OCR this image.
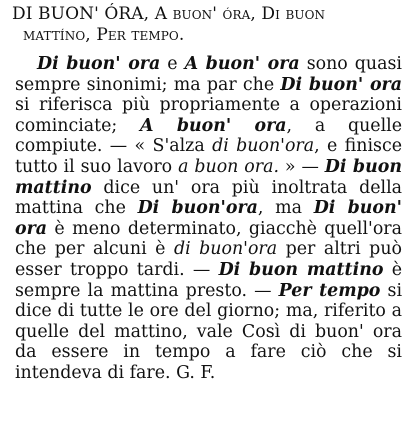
DI BUON' ÓRA, A buon' óra, Di buon
mattíno, Per tempo.
Di buon' ora e A buon' ora sono quasi sempre sinonimi; ma par che Di buon' ora si riferisca più propriamente a operazioni cominciate; A buon' ora, a quelle compiute. — « S'alza di buon'ora, e finisce tutto il suo lavoro a buon ora. » — Di buon mattino dice un' ora più inoltrata della mattina che Di buon'ora, ma Di buon' ora è meno determinato, giacchè quell'ora che per alcuni è di buon'ora per altri può esser troppo tardi. — Di buon mattino è sempre la mattina presto. — Per tempo si dice di tutte le ore del giorno; ma, riferito a quelle del mattino, vale Così di buon' ora da essere in tempo a fare ciò che si intendeva di fare. G. F.
